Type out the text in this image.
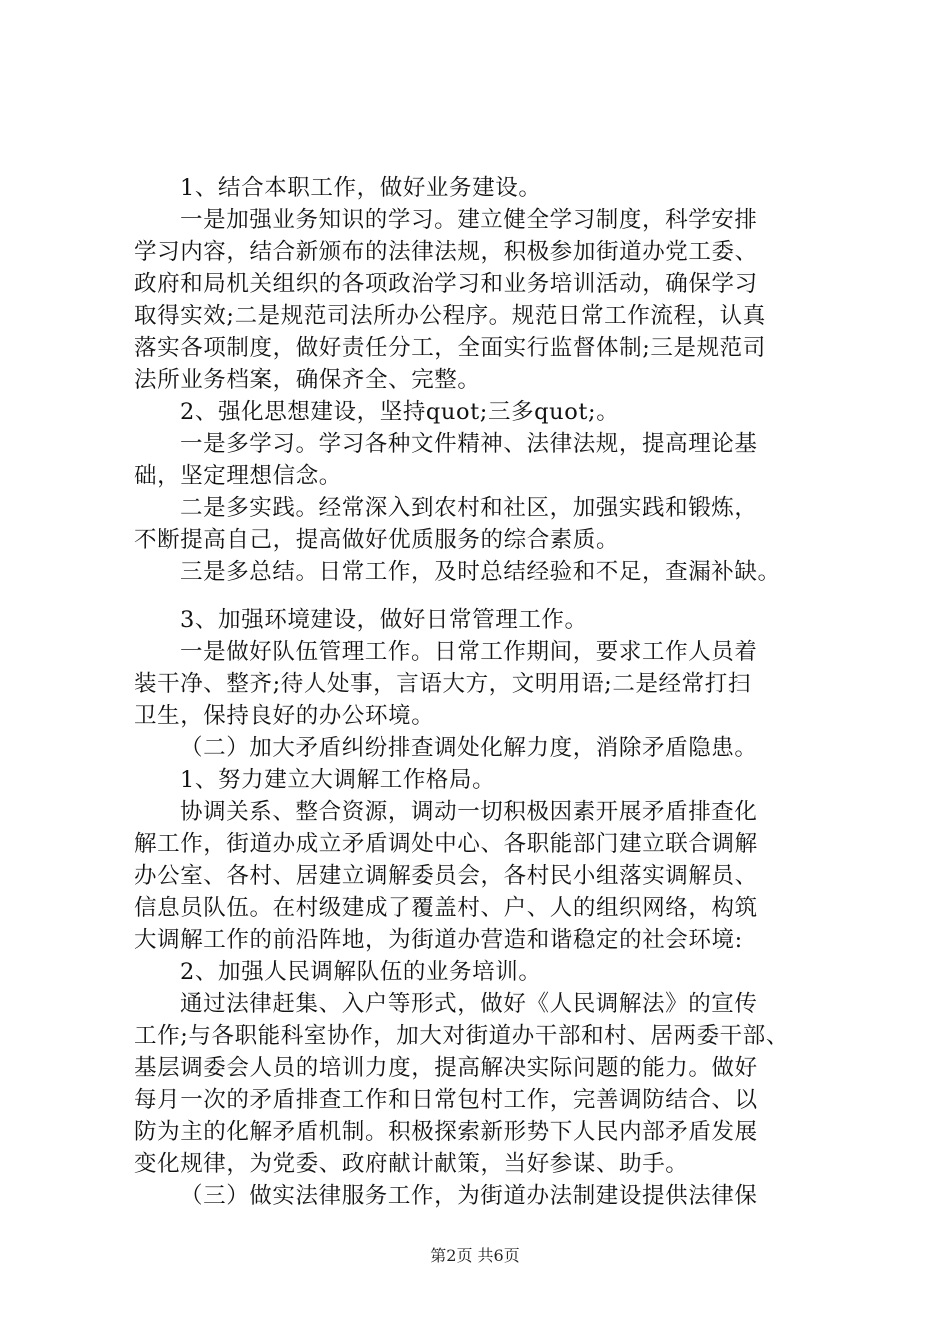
1、结合本职工作，做好业务建设。
一是加强业务知识的学习。建立健全学习制度，科学安排
学习内容，结合新颁布的法律法规，积极参加街道办党工委、
政府和局机关组织的各项政治学习和业务培训活动，确保学习
取得实效;二是规范司法所办公程序。规范日常工作流程，认真
落实各项制度，做好责任分工，全面实行监督体制;三是规范司
法所业务档案，确保齐全、完整。
2、强化思想建设，坚持quot;三多quot;。
一是多学习。学习各种文件精神、法律法规，提高理论基
础，坚定理想信念。
二是多实践。经常深入到农村和社区，加强实践和锻炼，
不断提高自己，提高做好优质服务的综合素质。
三是多总结。日常工作，及时总结经验和不足，查漏补缺。
3、加强环境建设，做好日常管理工作。
一是做好队伍管理工作。日常工作期间，要求工作人员着
装干净、整齐;待人处事，言语大方，文明用语;二是经常打扫
卫生，保持良好的办公环境。
（二）加大矛盾纠纷排查调处化解力度，消除矛盾隐患。
1、努力建立大调解工作格局。
协调关系、整合资源，调动一切积极因素开展矛盾排查化
解工作，街道办成立矛盾调处中心、各职能部门建立联合调解
办公室、各村、居建立调解委员会，各村民小组落实调解员、
信息员队伍。在村级建成了覆盖村、户、人的组织网络，构筑
大调解工作的前沿阵地，为街道办营造和谐稳定的社会环境:
2、加强人民调解队伍的业务培训。
通过法律赶集、入户等形式，做好《人民调解法》的宣传
工作;与各职能科室协作，加大对街道办干部和村、居两委干部、
基层调委会人员的培训力度，提高解决实际问题的能力。做好
每月一次的矛盾排查工作和日常包村工作，完善调防结合、以
防为主的化解矛盾机制。积极探索新形势下人民内部矛盾发展
变化规律，为党委、政府献计献策，当好参谋、助手。
（三）做实法律服务工作，为街道办法制建设提供法律保
第2页 共6页
